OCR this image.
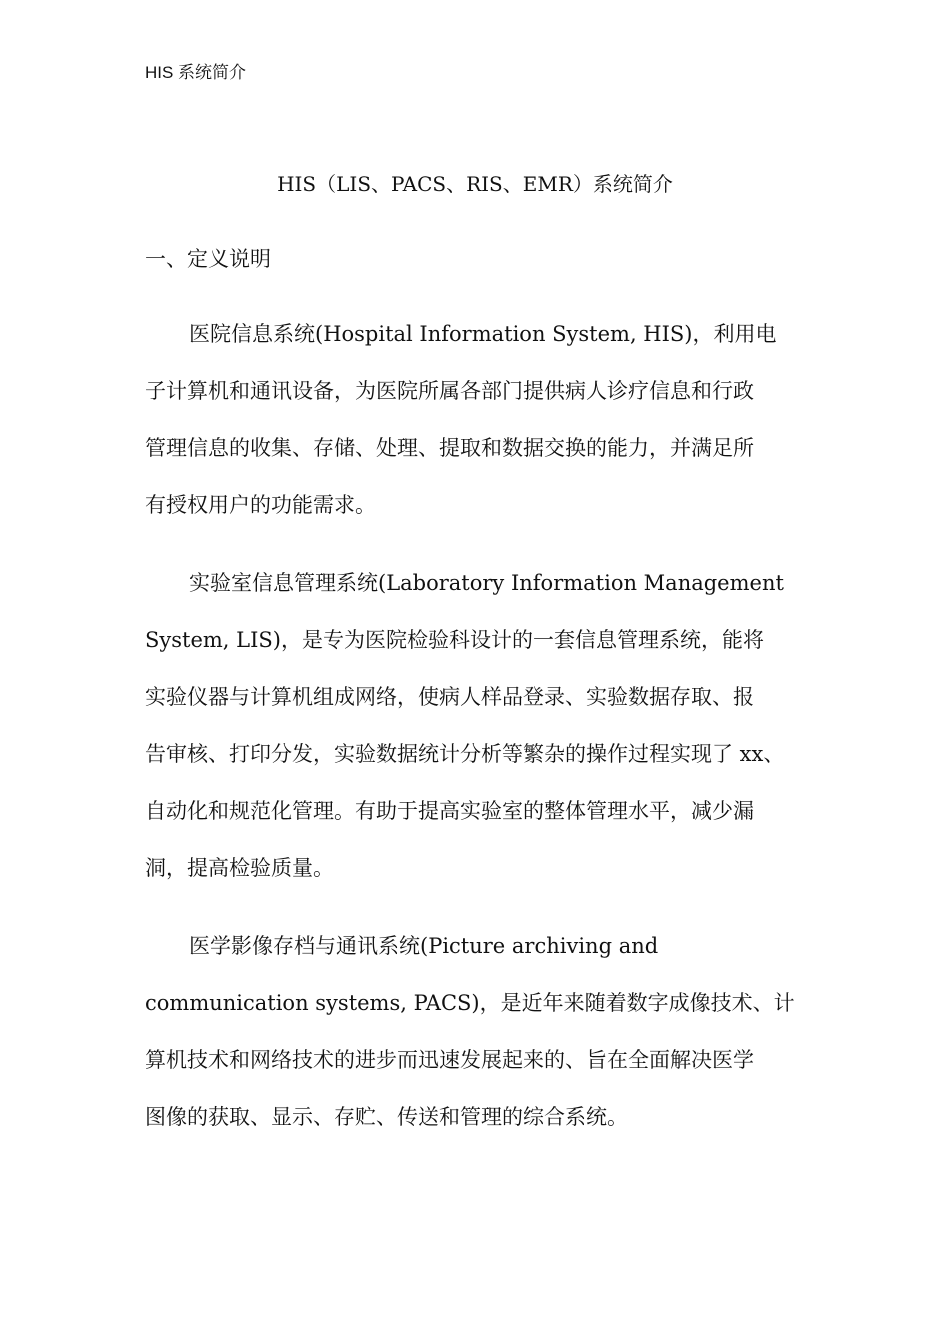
HIS 系统简介
HIS（LIS、PACS、RIS、EMR）系统简介
一、定义说明
医院信息系统(Hospital Information System, HIS)，利用电
子计算机和通讯设备，为医院所属各部门提供病人诊疗信息和行政
管理信息的收集、存储、处理、提取和数据交换的能力，并满足所
有授权用户的功能需求。
实验室信息管理系统(Laboratory Information Management
System, LIS)，是专为医院检验科设计的一套信息管理系统，能将
实验仪器与计算机组成网络，使病人样品登录、实验数据存取、报
告审核、打印分发，实验数据统计分析等繁杂的操作过程实现了 xx、
自动化和规范化管理。有助于提高实验室的整体管理水平，减少漏
洞，提高检验质量。
医学影像存档与通讯系统(Picture archiving and
communication systems, PACS)，是近年来随着数字成像技术、计
算机技术和网络技术的进步而迅速发展起来的、旨在全面解决医学
图像的获取、显示、存贮、传送和管理的综合系统。
